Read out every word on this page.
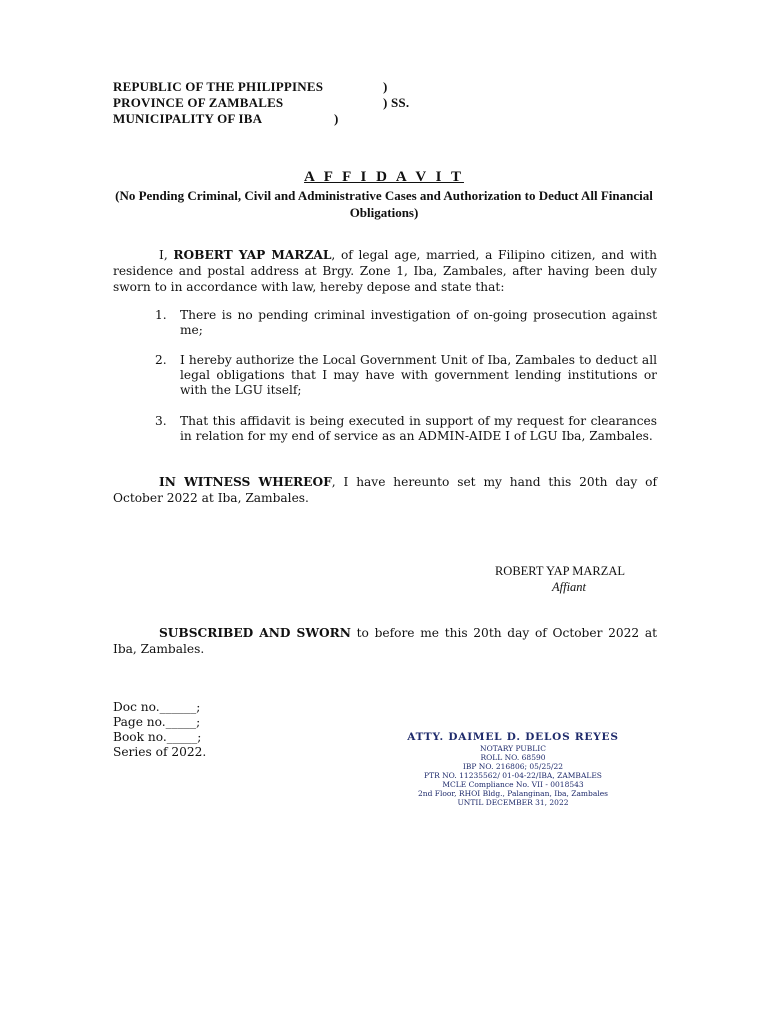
REPUBLIC OF THE PHILIPPINES	)
PROVINCE OF ZAMBALES	) SS.
MUNICIPALITY OF IBA	)
A F F I D A V I T
(No Pending Criminal, Civil and Administrative Cases and Authorization to Deduct All Financial Obligations)
I, ROBERT YAP MARZAL, of legal age, married, a Filipino citizen, and with residence and postal address at Brgy. Zone 1, Iba, Zambales, after having been duly sworn to in accordance with law, hereby depose and state that:
1. There is no pending criminal investigation of on-going prosecution against me;
2. I hereby authorize the Local Government Unit of Iba, Zambales to deduct all legal obligations that I may have with government lending institutions or with the LGU itself;
3. That this affidavit is being executed in support of my request for clearances in relation for my end of service as an ADMIN-AIDE I of LGU Iba, Zambales.
IN WITNESS WHEREOF, I have hereunto set my hand this 20th day of October 2022 at Iba, Zambales.
ROBERT YAP MARZAL
Affiant
SUBSCRIBED AND SWORN to before me this 20th day of October 2022 at Iba, Zambales.
Doc no.______;
Page no._____;
Book no._____;
Series of 2022.
ATTY. DAIMEL D. DELOS REYES
NOTARY PUBLIC
ROLL NO. 68590
IBP NO. 216806; 05/25/22
PTR NO. 11235562/ 01-04-22/IBA, ZAMBALES
MCLE Compliance No. VII - 0018543
2nd Floor, RHOI Bldg., Palanginan, Iba, Zambales
UNTIL DECEMBER 31, 2022
